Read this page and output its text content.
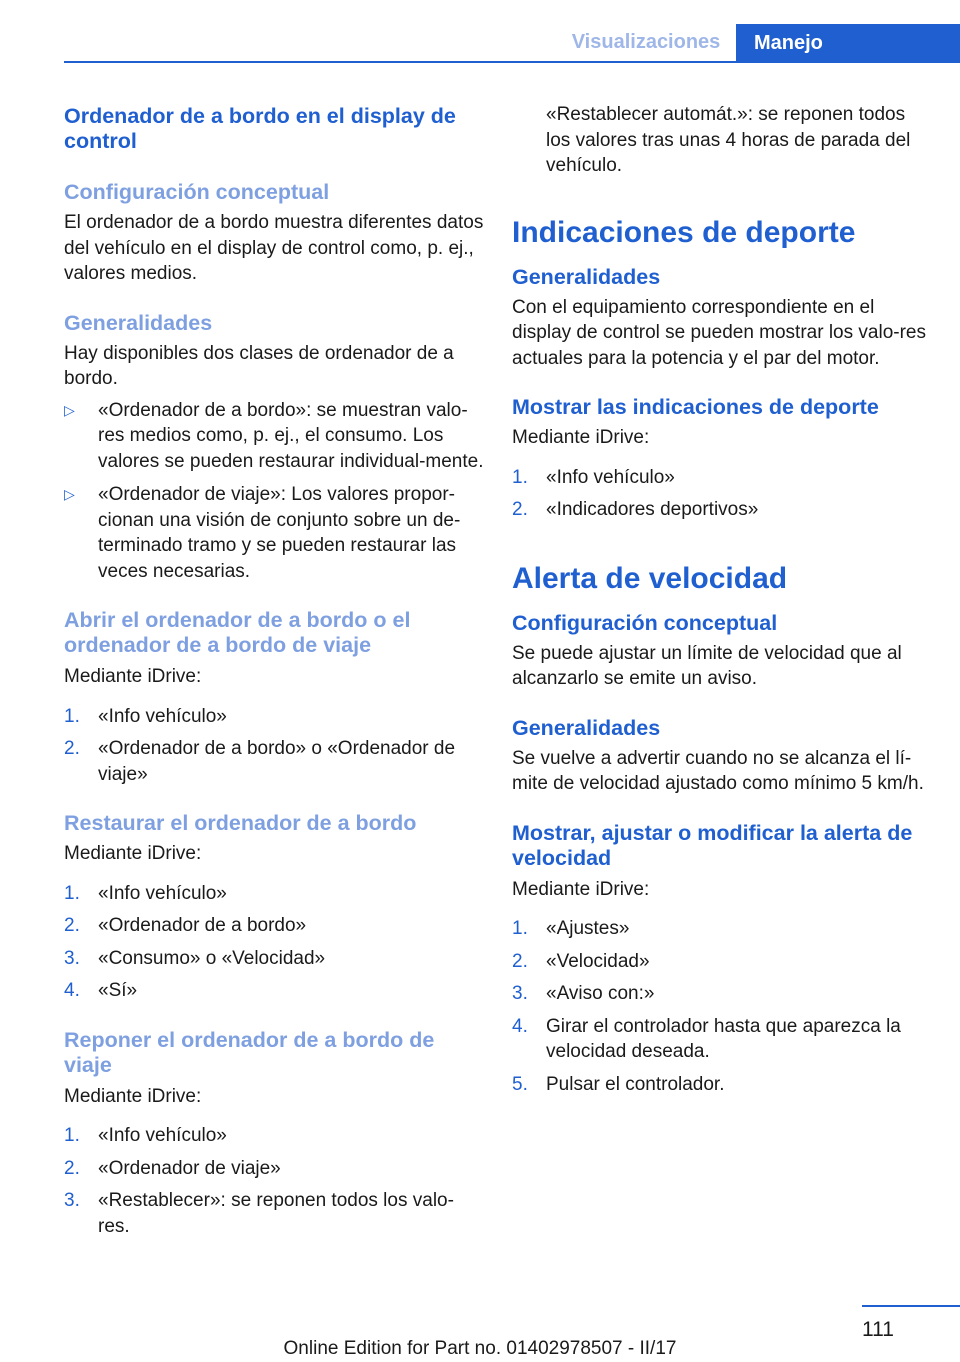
Visualizaciones	Manejo
Ordenador de a bordo en el display de control
Configuración conceptual

El ordenador de a bordo muestra diferentes datos del vehículo en el display de control como, p. ej., valores medios.

Generalidades

Hay disponibles dos clases de ordenador de a bordo.

▷	«Ordenador de a bordo»: se muestran valo-res medios como, p. ej., el consumo. Los valores se pueden restaurar individual-mente.
▷	«Ordenador de viaje»: Los valores propor-cionan una visión de conjunto sobre un de-terminado tramo y se pueden restaurar las veces necesarias.
Abrir el ordenador de a bordo o el ordenador de a bordo de viaje

Mediante iDrive:

1. «Info vehículo»
2. «Ordenador de a bordo» o «Ordenador de viaje»
Restaurar el ordenador de a bordo

Mediante iDrive:

1. «Info vehículo»
2. «Ordenador de a bordo»
3. «Consumo» o «Velocidad»
4. «Sí»
Reponer el ordenador de a bordo de viaje

Mediante iDrive:

1. «Info vehículo»
2. «Ordenador de viaje»
3. «Restablecer»: se reponen todos los valo-res.

«Restablecer automát.»: se reponen todos los valores tras unas 4 horas de parada del vehículo.

Indicaciones de deporte
Generalidades

Con el equipamiento correspondiente en el display de control se pueden mostrar los valo-res actuales para la potencia y el par del motor.

Mostrar las indicaciones de deporte

Mediante iDrive:

1. «Info vehículo»
2. «Indicadores deportivos»
Alerta de velocidad
Configuración conceptual

Se puede ajustar un límite de velocidad que al alcanzarlo se emite un aviso.

Generalidades

Se vuelve a advertir cuando no se alcanza el lí-mite de velocidad ajustado como mínimo 5 km/h.

Mostrar, ajustar o modificar la alerta de velocidad

Mediante iDrive:

1. «Ajustes»
2. «Velocidad»
3. «Aviso con:»
4. Girar el controlador hasta que aparezca la velocidad deseada.
5. Pulsar el controlador.
111
Online Edition for Part no. 01402978507 - II/17
